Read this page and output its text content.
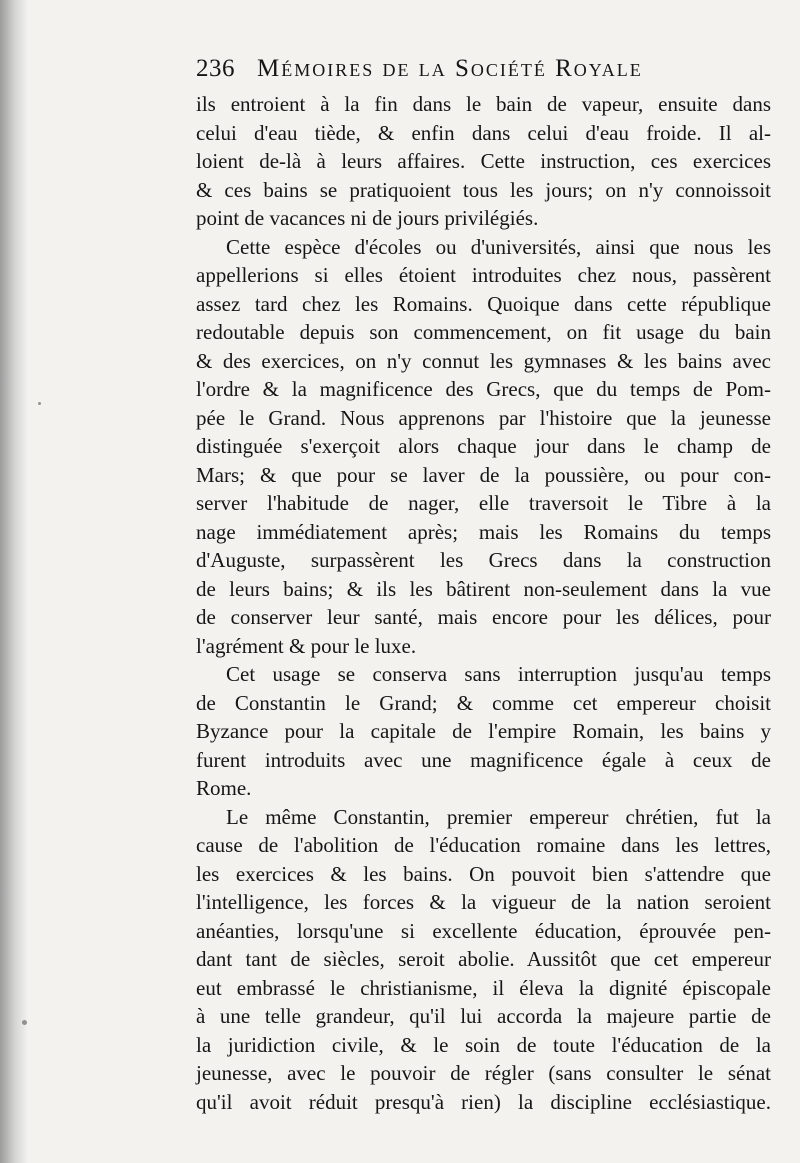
236 Mémoires de la Société Royale

ils entroient à la fin dans le bain de vapeur, ensuite dans
celui d'eau tiède, & enfin dans celui d'eau froide. Il al-
loient de-là à leurs affaires. Cette instruction, ces exercices
& ces bains se pratiquoient tous les jours; on n'y connoissoit
point de vacances ni de jours privilégiés.

Cette espèce d'écoles ou d'universités, ainsi que nous les
appellerions si elles étoient introduites chez nous, passèrent
assez tard chez les Romains. Quoique dans cette république
redoutable depuis son commencement, on fit usage du bain
& des exercices, on n'y connut les gymnases & les bains avec
l'ordre & la magnificence des Grecs, que du temps de Pom-
pée le Grand. Nous apprenons par l'histoire que la jeunesse
distinguée s'exerçoit alors chaque jour dans le champ de
Mars; & que pour se laver de la poussière, ou pour con-
server l'habitude de nager, elle traversoit le Tibre à la
nage immédiatement après; mais les Romains du temps
d'Auguste, surpassèrent les Grecs dans la construction
de leurs bains; & ils les bâtirent non-seulement dans la vue
de conserver leur santé, mais encore pour les délices, pour
l'agrément & pour le luxe.

Cet usage se conserva sans interruption jusqu'au temps
de Constantin le Grand; & comme cet empereur choisit
Byzance pour la capitale de l'empire Romain, les bains y
furent introduits avec une magnificence égale à ceux de
Rome.

Le même Constantin, premier empereur chrétien, fut la
cause de l'abolition de l'éducation romaine dans les lettres,
les exercices & les bains. On pouvoit bien s'attendre que
l'intelligence, les forces & la vigueur de la nation seroient
anéanties, lorsqu'une si excellente éducation, éprouvée pen-
dant tant de siècles, seroit abolie. Aussitôt que cet empereur
eut embrassé le christianisme, il éleva la dignité épiscopale
à une telle grandeur, qu'il lui accorda la majeure partie de
la juridiction civile, & le soin de toute l'éducation de la
jeunesse, avec le pouvoir de régler (sans consulter le sénat
qu'il avoit réduit presqu'à rien) la discipline ecclésiastique.
